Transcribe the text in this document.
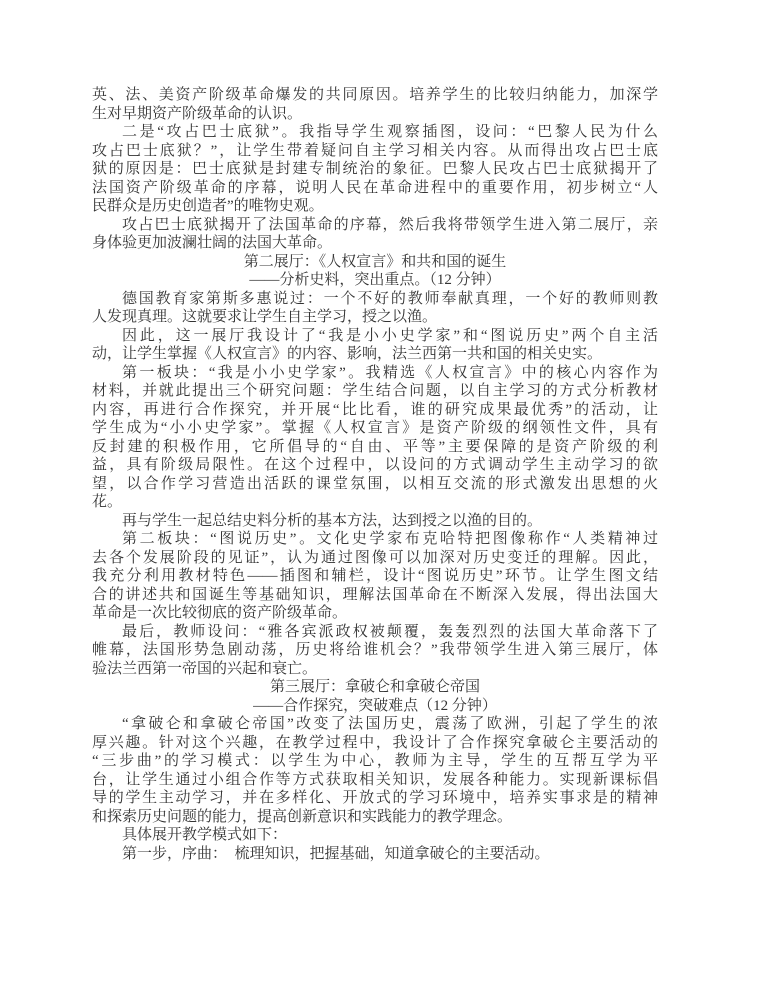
英、法、美资产阶级革命爆发的共同原因。培养学生的比较归纳能力，加深学
生对早期资产阶级革命的认识。
二是“攻占巴士底狱”。我指导学生观察插图，设问：“巴黎人民为什么
攻占巴士底狱？”，让学生带着疑问自主学习相关内容。从而得出攻占巴士底
狱的原因是：巴士底狱是封建专制统治的象征。巴黎人民攻占巴士底狱揭开了
法国资产阶级革命的序幕，说明人民在革命进程中的重要作用，初步树立“人
民群众是历史创造者”的唯物史观。
攻占巴士底狱揭开了法国革命的序幕，然后我将带领学生进入第二展厅，亲
身体验更加波澜壮阔的法国大革命。
第二展厅：《人权宣言》和共和国的诞生
——分析史料，突出重点。（12 分钟）
德国教育家第斯多惠说过：一个不好的教师奉献真理，一个好的教师则教
人发现真理。这就要求让学生自主学习，授之以渔。
因此，这一展厅我设计了“我是小小史学家”和“图说历史”两个自主活
动，让学生掌握《人权宣言》的内容、影响，法兰西第一共和国的相关史实。
第一板块：“我是小小史学家”。我精选《人权宣言》中的核心内容作为
材料，并就此提出三个研究问题：学生结合问题，以自主学习的方式分析教材
内容，再进行合作探究，并开展“比比看，谁的研究成果最优秀”的活动，让
学生成为“小小史学家”。掌握《人权宣言》是资产阶级的纲领性文件，具有
反封建的积极作用，它所倡导的“自由、平等”主要保障的是资产阶级的利
益，具有阶级局限性。在这个过程中，以设问的方式调动学生主动学习的欲
望，以合作学习营造出活跃的课堂氛围，以相互交流的形式激发出思想的火
花。
再与学生一起总结史料分析的基本方法，达到授之以渔的目的。
第二板块：“图说历史”。文化史学家布克哈特把图像称作“人类精神过
去各个发展阶段的见证”，认为通过图像可以加深对历史变迁的理解。因此，
我充分利用教材特色——插图和辅栏，设计“图说历史”环节。让学生图文结
合的讲述共和国诞生等基础知识，理解法国革命在不断深入发展，得出法国大
革命是一次比较彻底的资产阶级革命。
最后，教师设问：“雅各宾派政权被颠覆，轰轰烈烈的法国大革命落下了
帷幕，法国形势急剧动荡，历史将给谁机会？”我带领学生进入第三展厅，体
验法兰西第一帝国的兴起和衰亡。
第三展厅：拿破仑和拿破仑帝国
——合作探究，突破难点（12 分钟）
“拿破仑和拿破仑帝国”改变了法国历史，震荡了欧洲，引起了学生的浓
厚兴趣。针对这个兴趣，在教学过程中，我设计了合作探究拿破仑主要活动的
“三步曲”的学习模式：以学生为中心，教师为主导，学生的互帮互学为平
台，让学生通过小组合作等方式获取相关知识，发展各种能力。实现新课标倡
导的学生主动学习，并在多样化、开放式的学习环境中，培养实事求是的精神
和探索历史问题的能力，提高创新意识和实践能力的教学理念。
具体展开教学模式如下：
第一步，序曲：　梳理知识，把握基础，知道拿破仑的主要活动。
